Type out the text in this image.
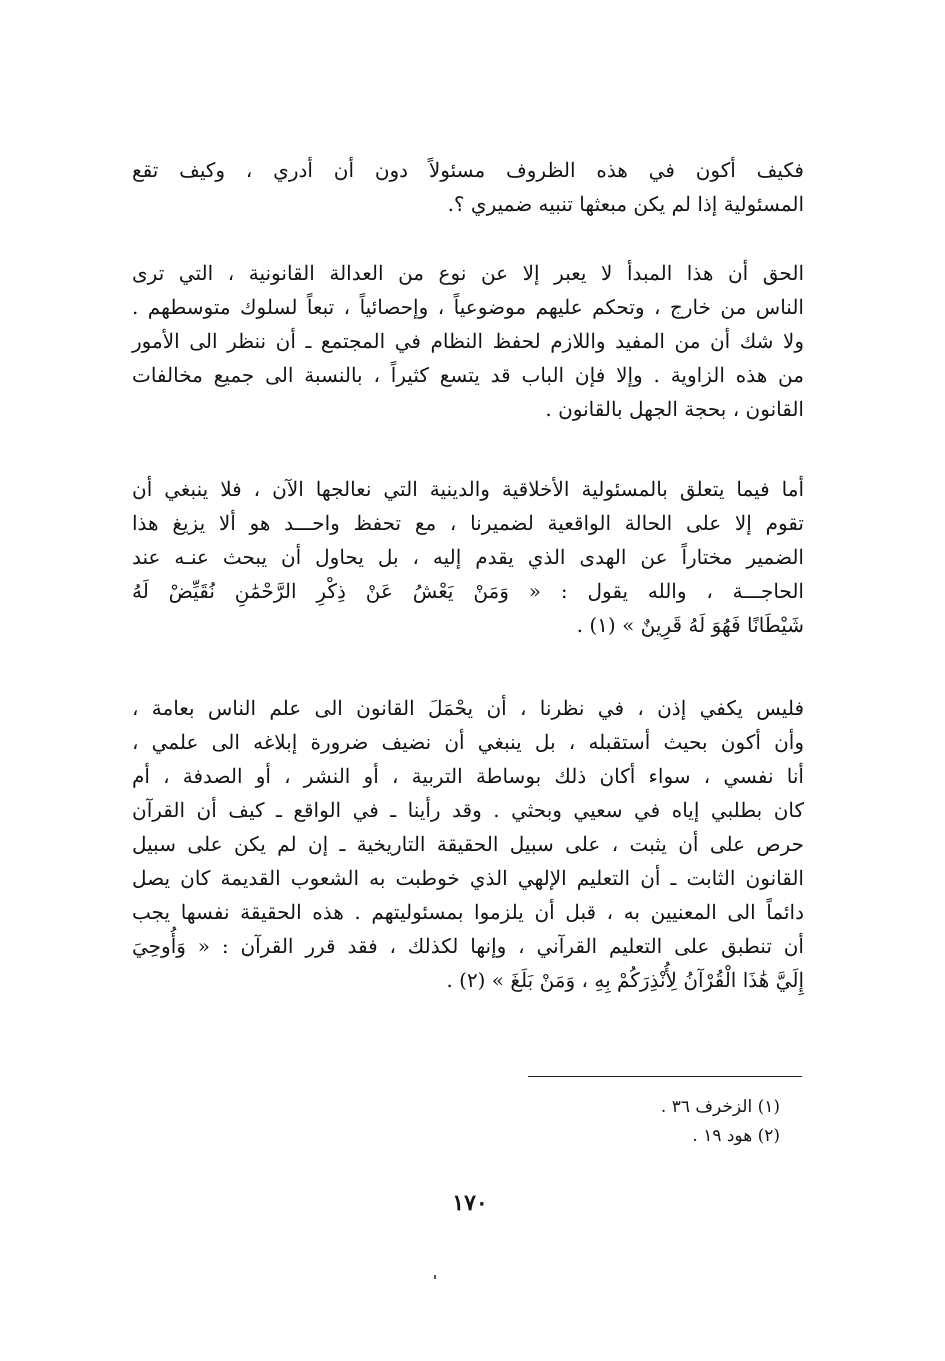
فكيف أكون في هذه الظروف مسئولاً دون أن أدري ، وكيف تقع
المسئولية إذا لم يكن مبعثها تنبيه ضميري ؟.
الحق أن هذا المبدأ لا يعبر إلا عن نوع من العدالة القانونية ، التي ترى
الناس من خارج ، وتحكم عليهم موضوعياً ، وإحصائياً ، تبعاً لسلوك متوسطهم .
ولا شك أن من المفيد واللازم لحفظ النظام في المجتمع ـ أن ننظر الى الأمور
من هذه الزاوية . وإلا فإن الباب قد يتسع كثيراً ، بالنسبة الى جميع مخالفات
القانون ، بحجة الجهل بالقانون .
أما فيما يتعلق بالمسئولية الأخلاقية والدينية التي نعالجها الآن ، فلا ينبغي أن
تقوم إلا على الحالة الواقعية لضميرنا ، مع تحفظ واحـــد هو ألا يزيغ هذا
الضمير مختاراً عن الهدى الذي يقدم إليه ، بل يحاول أن يبحث عنـه عند
الحاجـــة ، والله يقول : « وَمَنْ يَعْشُ عَنْ ذِكْرِ الرَّحْمَٰنِ نُقَيِّضْ لَهُ
شَيْطَانًا فَهُوَ لَهُ قَرِينٌ » (١) .
فليس يكفي إذن ، في نظرنا ، أن يحْمَلَ القانون الى علم الناس بعامة ،
وأن أكون بحيث أستقبله ، بل ينبغي أن نضيف ضرورة إبلاغه الى علمي ،
أنا نفسي ، سواء أكان ذلك بوساطة التربية ، أو النشر ، أو الصدفة ، أم
كان بطلبي إياه في سعيي وبحثي . وقد رأينا ـ في الواقع ـ كيف أن القرآن
حرص على أن يثبت ، على سبيل الحقيقة التاريخية ـ إن لم يكن على سبيل
القانون الثابت ـ أن التعليم الإلهي الذي خوطبت به الشعوب القديمة كان يصل
دائماً الى المعنيين به ، قبل أن يلزموا بمسئوليتهم . هذه الحقيقة نفسها يجب
أن تنطبق على التعليم القرآني ، وإنها لكذلك ، فقد قرر القرآن : « وَأُوحِيَ
إِلَيَّ هَٰذَا الْقُرْآنُ لِأُنْذِرَكُمْ بِهِ ، وَمَنْ بَلَغَ » (٢) .
(١) الزخرف ٣٦ .
(٢) هود ١٩ .
١٧٠
